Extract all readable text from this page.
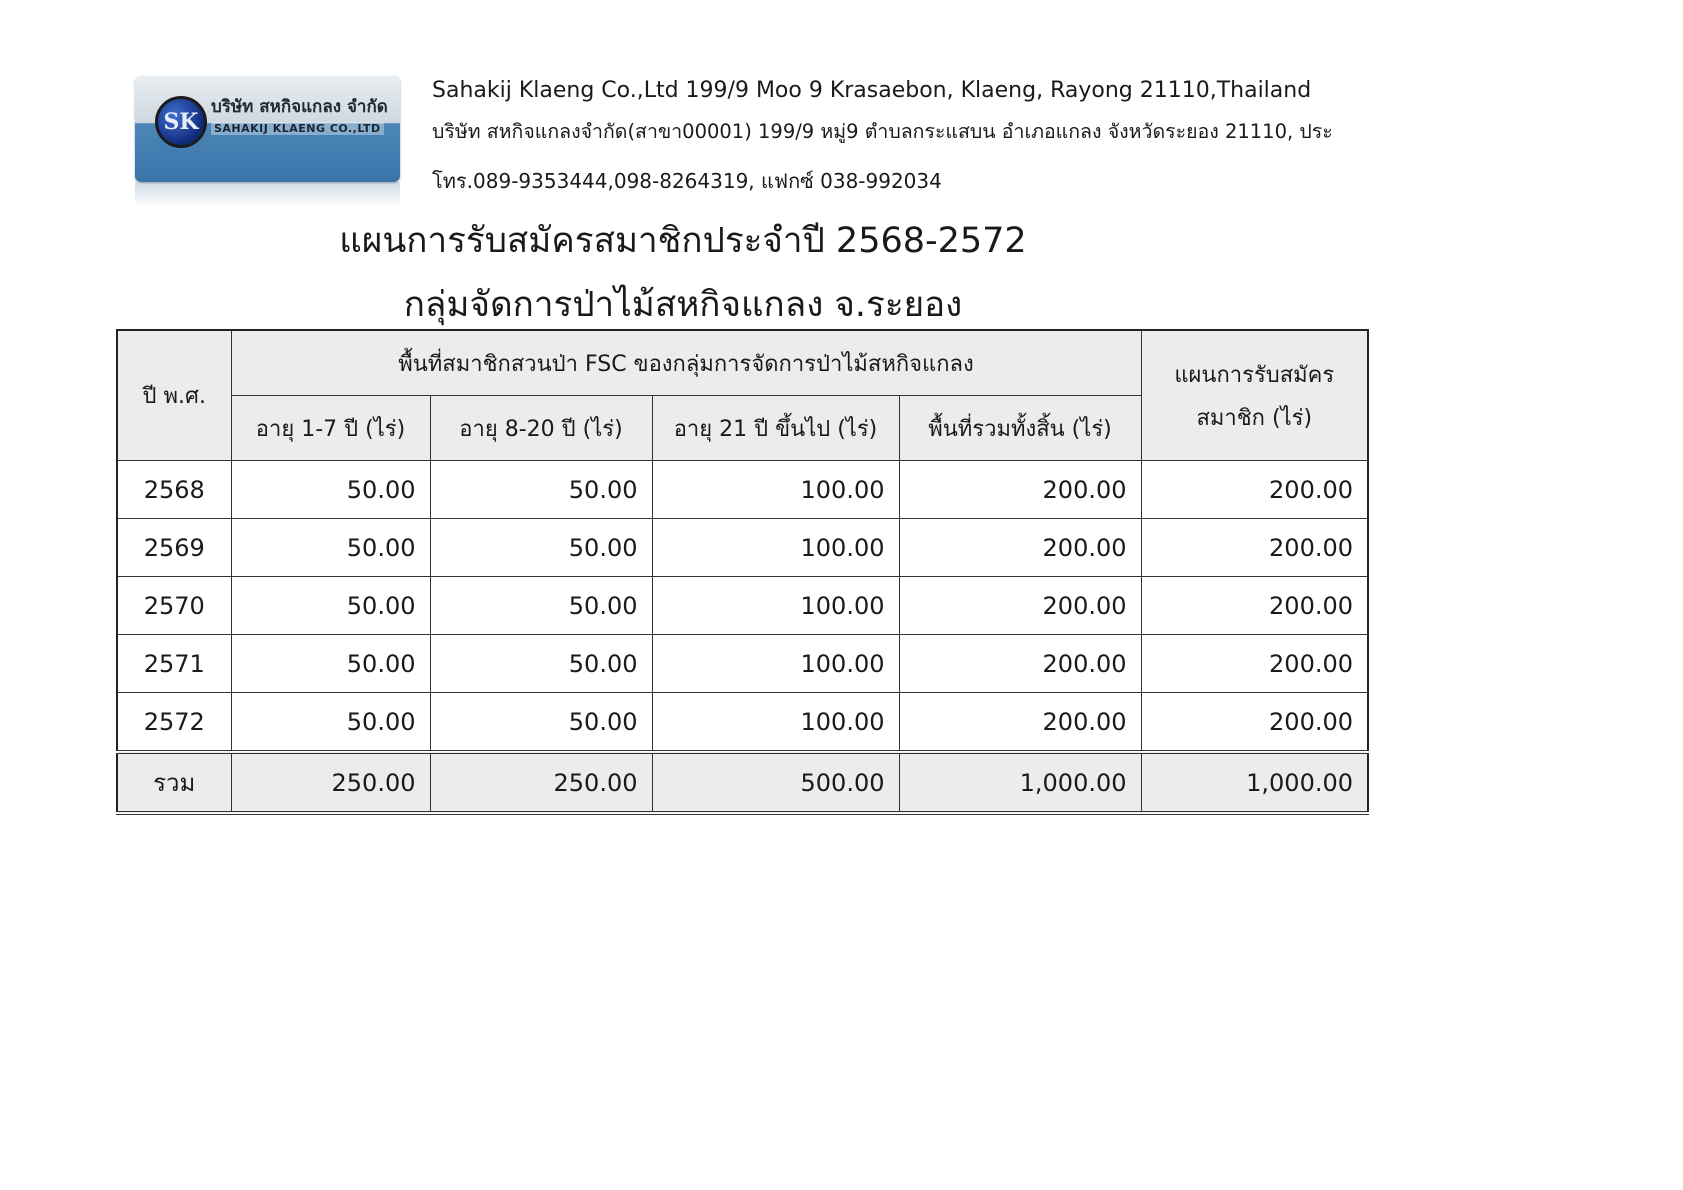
SK
บริษัท สหกิจแกลง จำกัด
SAHAKIJ KLAENG CO.,LTD
Sahakij Klaeng Co.,Ltd 199/9 Moo 9 Krasaebon, Klaeng, Rayong 21110,Thailand
บริษัท สหกิจแกลงจำกัด(สาขา00001) 199/9 หมู่9 ตำบลกระแสบน อำเภอแกลง จังหวัดระยอง 21110, ประ
โทร.089-9353444,098-8264319, แฟกซ์ 038-992034
แผนการรับสมัครสมาชิกประจำปี 2568-2572
กลุ่มจัดการป่าไม้สหกิจแกลง จ.ระยอง
ปี พ.ศ.	พื้นที่สมาชิกสวนป่า FSC ของกลุ่มการจัดการป่าไม้สหกิจแกลง				แผนการรับสมัคร
สมาชิก (ไร่)

	อายุ 1-7 ปี (ไร่)	อายุ 8-20 ปี (ไร่)	อายุ 21 ปี ขึ้นไป (ไร่)	พื้นที่รวมทั้งสิ้น (ไร่)	
2568	50.00	50.00	100.00	200.00	200.00
2569	50.00	50.00	100.00	200.00	200.00
2570	50.00	50.00	100.00	200.00	200.00
2571	50.00	50.00	100.00	200.00	200.00
2572	50.00	50.00	100.00	200.00	200.00
รวม	250.00	250.00	500.00	1,000.00	1,000.00
